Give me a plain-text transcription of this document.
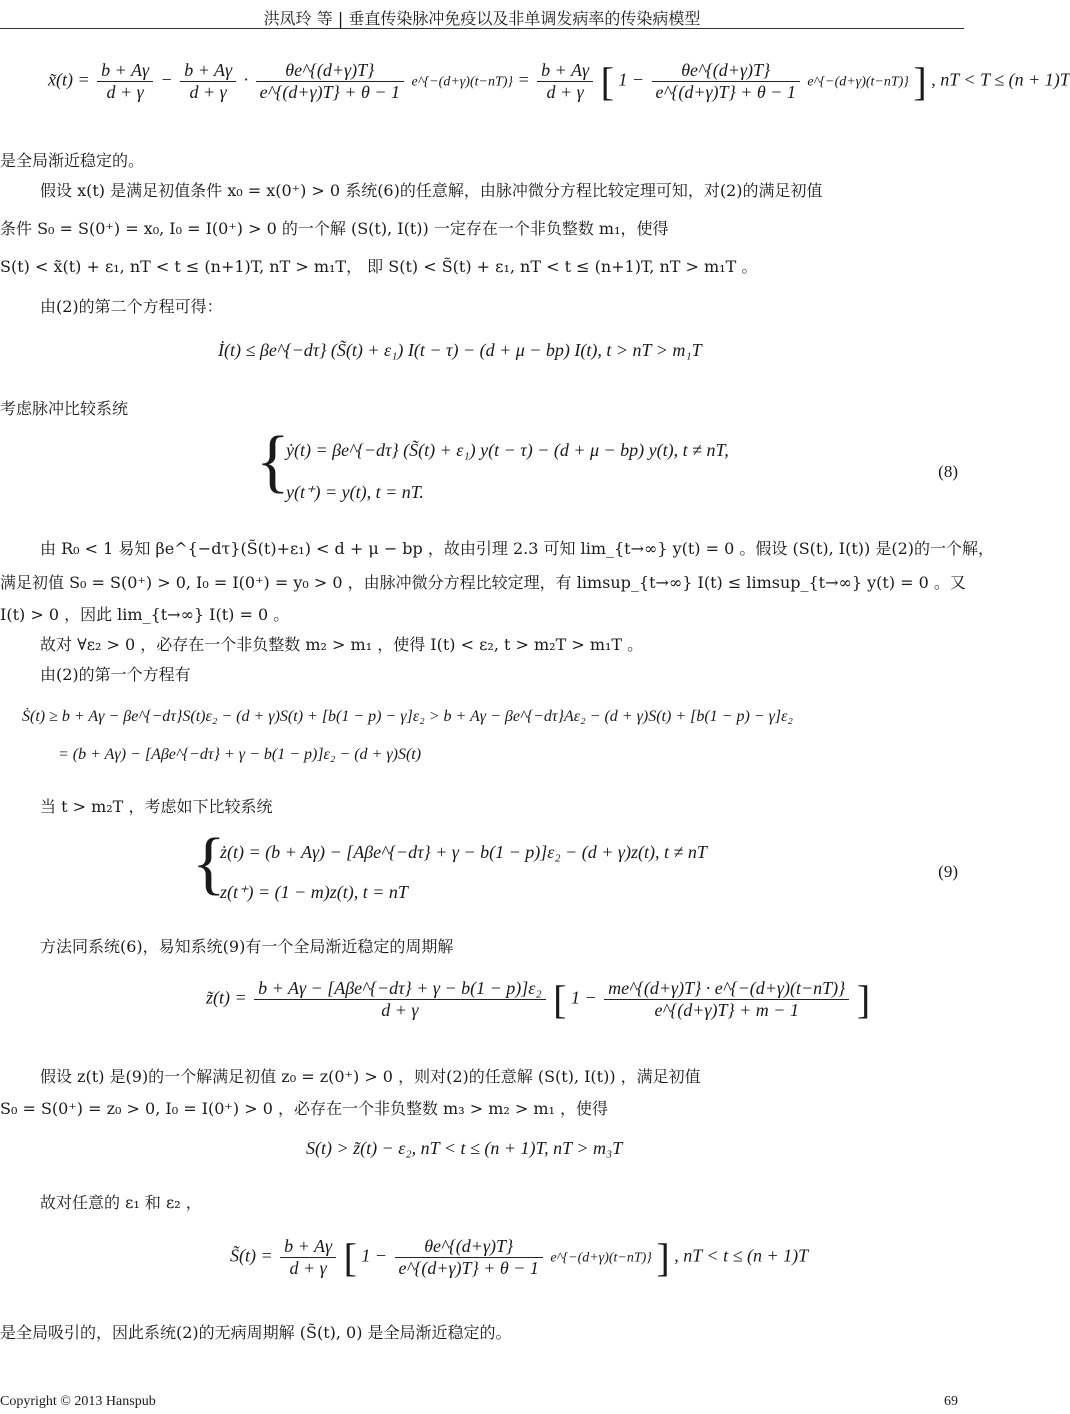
洪凤玲 等 | 垂直传染脉冲免疫以及非单调发病率的传染病模型
x̃(t) = $\frac{b + A\gamma}{d + \gamma} - \frac{b + A\gamma}{d + \gamma} \cdot \frac{\theta e\^{}\{(d+\gamma)T\}}{e\^{}\{(d+\gamma)T\} + \theta - 1}$ e^{−(d+γ)(t−nT)} = $\frac{b + A\gamma}{d + \gamma}$ [ $1 - \frac{\theta e\^{}\{(d+\gamma)T\}}{e\^{}\{(d+\gamma)T\} + \theta - 1}$ e^{−(d+γ)(t−nT)} ] , nT < T ≤ (n + 1)T
是全局渐近稳定的。
假设 x(t) 是满足初值条件 x₀ = x(0⁺) > 0 系统(6)的任意解，由脉冲微分方程比较定理可知，对(2)的满足初值
条件 S₀ = S(0⁺) = x₀, I₀ = I(0⁺) > 0 的一个解 (S(t), I(t)) 一定存在一个非负整数 m₁，使得
S(t) < x̃(t) + ε₁, nT < t ≤ (n+1)T, nT > m₁T， 即 S(t) < S̃(t) + ε₁, nT < t ≤ (n+1)T, nT > m₁T 。
由(2)的第二个方程可得：
İ(t) ≤ βe^{−dτ} (S̃(t) + ε₁) I(t − τ) − (d + μ − bp) I(t), t > nT > m₁T
考虑脉冲比较系统
{
ẏ(t) = βe^{−dτ} (S̃(t) + ε₁) y(t − τ) − (d + μ − bp) y(t), t ≠ nT,
y(t⁺) = y(t), t = nT.
(8)
由 R₀ < 1 易知 βe^{−dτ}(S̃(t)+ε₁) < d + μ − bp ，故由引理 2.3 可知 lim_{t→∞} y(t) = 0 。假设 (S(t), I(t)) 是(2)的一个解，
满足初值 S₀ = S(0⁺) > 0, I₀ = I(0⁺) = y₀ > 0 ，由脉冲微分方程比较定理，有 limsup_{t→∞} I(t) ≤ limsup_{t→∞} y(t) = 0 。又
I(t) > 0 ，因此 lim_{t→∞} I(t) = 0 。
故对 ∀ε₂ > 0 ，必存在一个非负整数 m₂ > m₁ ，使得 I(t) < ε₂, t > m₂T > m₁T 。
由(2)的第一个方程有
Ṡ(t) ≥ b + Aγ − βe^{−dτ}S(t)ε₂ − (d + γ)S(t) + [b(1 − p) − γ]ε₂ > b + Aγ − βe^{−dτ}Aε₂ − (d + γ)S(t) + [b(1 − p) − γ]ε₂
= (b + Aγ) − [Aβe^{−dτ} + γ − b(1 − p)]ε₂ − (d + γ)S(t)
当 t > m₂T ，考虑如下比较系统
{
ż(t) = (b + Aγ) − [Aβe^{−dτ} + γ − b(1 − p)]ε₂ − (d + γ)z(t), t ≠ nT
z(t⁺) = (1 − m)z(t), t = nT
(9)
方法同系统(6)，易知系统(9)有一个全局渐近稳定的周期解
z̃(t) = $\frac{\text{b + Aγ − [Aβe\textasciicircum{}\{−dτ\} + γ − b(1 − p)]ε₂}}{d + \gamma}$ [ $1 - \frac{me\^{}\{(d+\gamma)T\} \cdot e\^{}\{-(d+\gamma)(t-nT)\}}{e\^{}\{(d+\gamma)T\} + m - 1}$ ]
假设 z(t) 是(9)的一个解满足初值 z₀ = z(0⁺) > 0 ，则对(2)的任意解 (S(t), I(t)) ，满足初值
S₀ = S(0⁺) = z₀ > 0, I₀ = I(0⁺) > 0 ，必存在一个非负整数 m₃ > m₂ > m₁ ，使得
S(t) > z̃(t) − ε₂, nT < t ≤ (n + 1)T, nT > m₃T
故对任意的 ε₁ 和 ε₂ ，
S̃(t) = $\frac{b + A\gamma}{d + \gamma}$ [ $1 - \frac{\theta e\^{}\{(d+\gamma)T\}}{e\^{}\{(d+\gamma)T\} + \theta - 1}$ e^{−(d+γ)(t−nT)} ] , nT < t ≤ (n + 1)T
是全局吸引的，因此系统(2)的无病周期解 (S̃(t), 0) 是全局渐近稳定的。
Copyright © 2013 Hanspub	69
